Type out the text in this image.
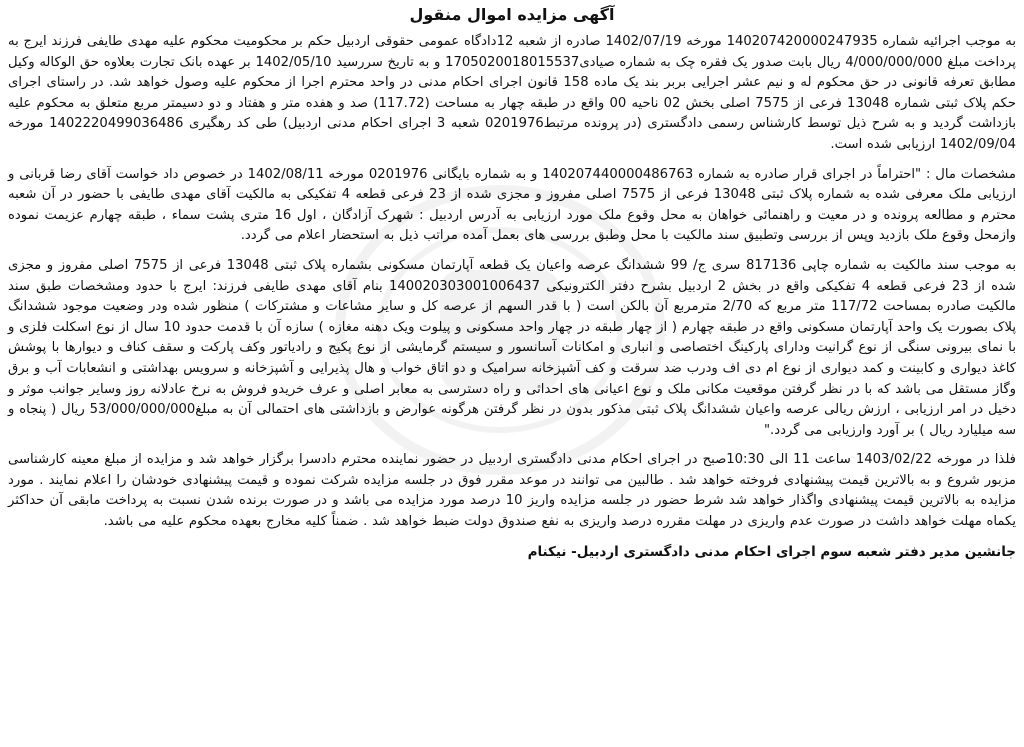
آگهی مزایده اموال منقول

به موجب اجرائیه شماره 140207420000247935 مورخه 1402/07/19 صادره از شعبه 12دادگاه عمومی حقوقی اردبیل حکم بر محکومیت محکوم علیه مهدی طایفی فرزند ایرج به پرداخت مبلغ 4/000/000/000 ریال بابت صدور یک فقره چک به شماره صیادی1705020018015537 و به تاریخ سررسید 1402/05/10 بر عهده بانک تجارت بعلاوه حق الوکاله وکیل مطابق تعرفه قانونی در حق محکوم له و نیم عشر اجرایی بربر بند یک ماده 158 قانون اجرای احکام مدنی در واحد محترم اجرا از محکوم علیه وصول خواهد شد. در راستای اجرای حکم پلاک ثبتی شماره 13048 فرعی از 7575 اصلی بخش 02 ناحیه 00 واقع در طبقه چهار به مساحت (117.72) صد و هفده متر و هفتاد و دو دسیمتر مربع متعلق به محکوم علیه بازداشت گردید و به شرح ذیل توسط کارشناس رسمی دادگستری (در پرونده مرتبط0201976 شعبه 3 اجرای احکام مدنی اردبیل) طی کد رهگیری 1402220499036486 مورخه 1402/09/04 ارزیابی شده است.

مشخصات مال : "احتراماً در اجرای قرار صادره به شماره 140207440000486763 و به شماره بایگانی 0201976 مورخه 1402/08/11 در خصوص داد خواست آقای رضا قربانی و ارزیابی ملک معرفی شده به شماره پلاک ثبتی 13048 فرعی از 7575 اصلی مفروز و مجزی شده از 23 فرعی قطعه 4 تفکیکی به مالکیت آقای مهدی طایفی با حضور در آن شعبه محترم و مطالعه پرونده و در معیت و راهنمائی خواهان به محل وقوع ملک مورد ارزیابی به آدرس اردبیل : شهرک آزادگان ، اول 16 متری پشت سماء ، طبقه چهارم عزیمت نموده وازمحل وقوع ملک بازدید وپس از بررسی وتطبیق سند مالکیت با محل وطبق بررسی های بعمل آمده مراتب ذیل به استحضار اعلام می گردد.

به موجب سند مالکیت به شماره چاپی 817136 سری ج/ 99 ششدانگ عرصه واعیان یک قطعه آپارتمان مسکونی بشماره پلاک ثبتی 13048 فرعی از 7575 اصلی مفروز و مجزی شده از 23 فرعی قطعه 4 تفکیکی واقع در بخش 2 اردبیل بشرح دفتر الکترونیکی 140020303001006437 بنام آقای مهدی طایفی فرزند: ایرج با حدود ومشخصات طبق سند مالکیت صادره بمساحت 117/72 متر مربع که 2/70 مترمربع آن بالکن است ( با قدر السهم از عرصه کل و سایر مشاعات و مشترکات ) منظور شده ودر وضعیت موجود ششدانگ پلاک بصورت یک واحد آپارتمان مسکونی واقع در طبقه چهارم ( از چهار طبقه در چهار واحد مسکونی و پیلوت ویک دهنه مغازه ) سازه آن با قدمت حدود 10 سال از نوع اسکلت فلزی و با نمای بیرونی سنگی از نوع گرانیت ودارای پارکینگ اختصاصی و انباری و امکانات آسانسور و سیستم گرمایشی از نوع پکیج و رادیاتور وکف پارکت و سقف کناف و دیوارها با پوشش کاغذ دیواری و کابینت و کمد دیواری از نوع ام دی اف ودرب ضد سرقت و کف آشپزخانه سرامیک و دو اتاق خواب و هال پذیرایی و آشپزخانه و سرویس بهداشتی و انشعابات آب و برق وگاز مستقل می باشد که با در نظر گرفتن موقعیت مکانی ملک و نوع اعیانی های احداثی و راه دسترسی به معابر اصلی و عرف خریدو فروش به نرخ عادلانه روز وسایر جوانب موثر و دخیل در امر ارزیابی ، ارزش ریالی عرصه واعیان ششدانگ پلاک ثبتی مذکور بدون در نظر گرفتن هرگونه عوارض و بازداشتی های احتمالی آن به مبلغ53/000/000/000 ریال ( پنجاه و سه میلیارد ریال ) بر آورد وارزیابی می گردد."

فلذا در مورخه 1403/02/22 ساعت 11 الی 10:30صبح در اجرای احکام مدنی دادگستری اردبیل در حضور نماینده محترم دادسرا برگزار خواهد شد و مزایده از مبلغ معینه کارشناسی مزبور شروع و به بالاترین قیمت پیشنهادی فروخته خواهد شد . طالبین می توانند در موعد مقرر فوق در جلسه مزایده شرکت نموده و قیمت پیشنهادی خودشان را اعلام نمایند . مورد مزایده به بالاترین قیمت پیشنهادی واگذار خواهد شد شرط حضور در جلسه مزایده واریز 10 درصد مورد مزایده می باشد و در صورت برنده شدن نسبت به پرداخت مابقی آن حداکثر یکماه مهلت خواهد داشت در صورت عدم واریزی در مهلت مقرره درصد واریزی به نفع صندوق دولت ضبط خواهد شد . ضمناً کلیه مخارج بعهده محکوم علیه می باشد.

جانشین مدیر دفتر شعبه سوم اجرای احکام مدنی دادگستری اردبیل- نیکنام
